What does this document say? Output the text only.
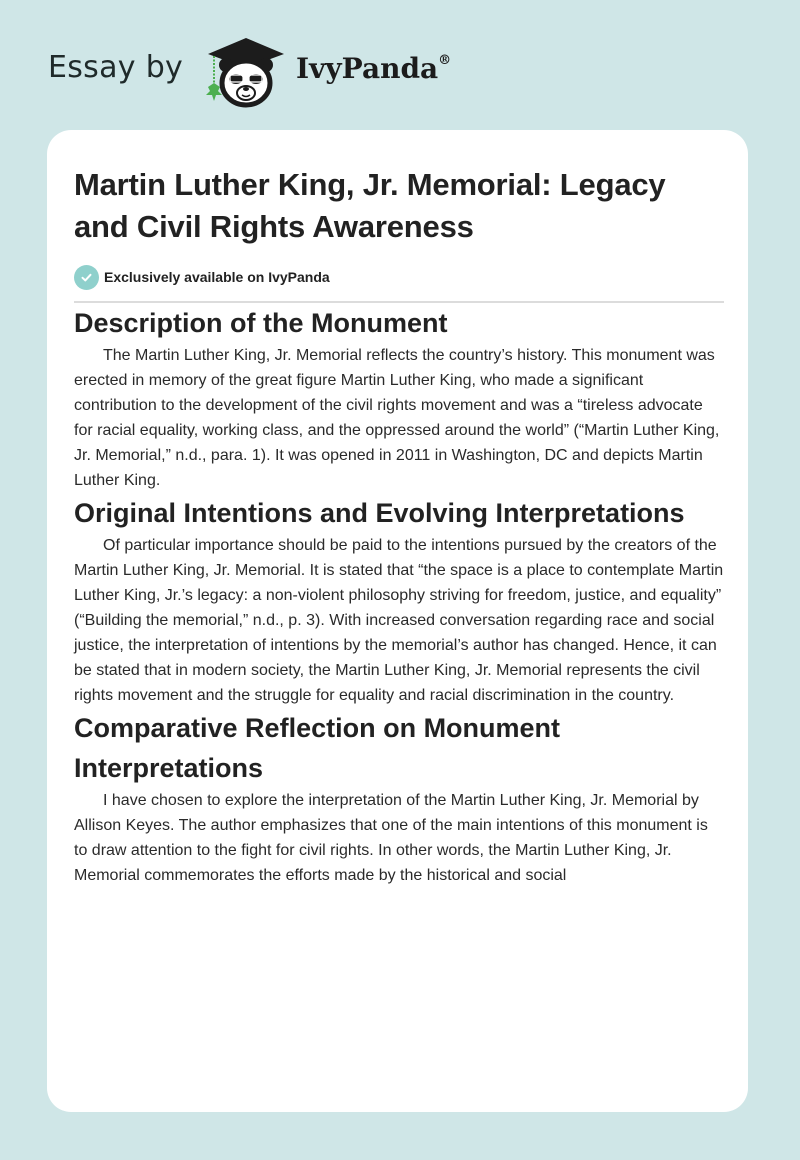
Essay by	IvyPanda®
Martin Luther King, Jr. Memorial: Legacy and Civil Rights Awareness
Exclusively available on IvyPanda
Description of the Monument

The Martin Luther King, Jr. Memorial reflects the country’s history. This monument was erected in memory of the great figure Martin Luther King, who made a significant contribution to the development of the civil rights movement and was a “tireless advocate for racial equality, working class, and the oppressed around the world” (“Martin Luther King, Jr. Memorial,” n.d., para. 1). It was opened in 2011 in Washington, DC and depicts Martin Luther King.

Original Intentions and Evolving Interpretations

Of particular importance should be paid to the intentions pursued by the creators of the Martin Luther King, Jr. Memorial. It is stated that “the space is a place to contemplate Martin Luther King, Jr.’s legacy: a non-violent philosophy striving for freedom, justice, and equality” (“Building the memorial,” n.d., p. 3). With increased conversation regarding race and social justice, the interpretation of intentions by the memorial’s author has changed. Hence, it can be stated that in modern society, the Martin Luther King, Jr. Memorial represents the civil rights movement and the struggle for equality and racial discrimination in the country.

Comparative Reflection on Monument Interpretations

I have chosen to explore the interpretation of the Martin Luther King, Jr. Memorial by Allison Keyes. The author emphasizes that one of the main intentions of this monument is to draw attention to the fight for civil rights. In other words, the Martin Luther King, Jr. Memorial commemorates the efforts made by the historical and social
